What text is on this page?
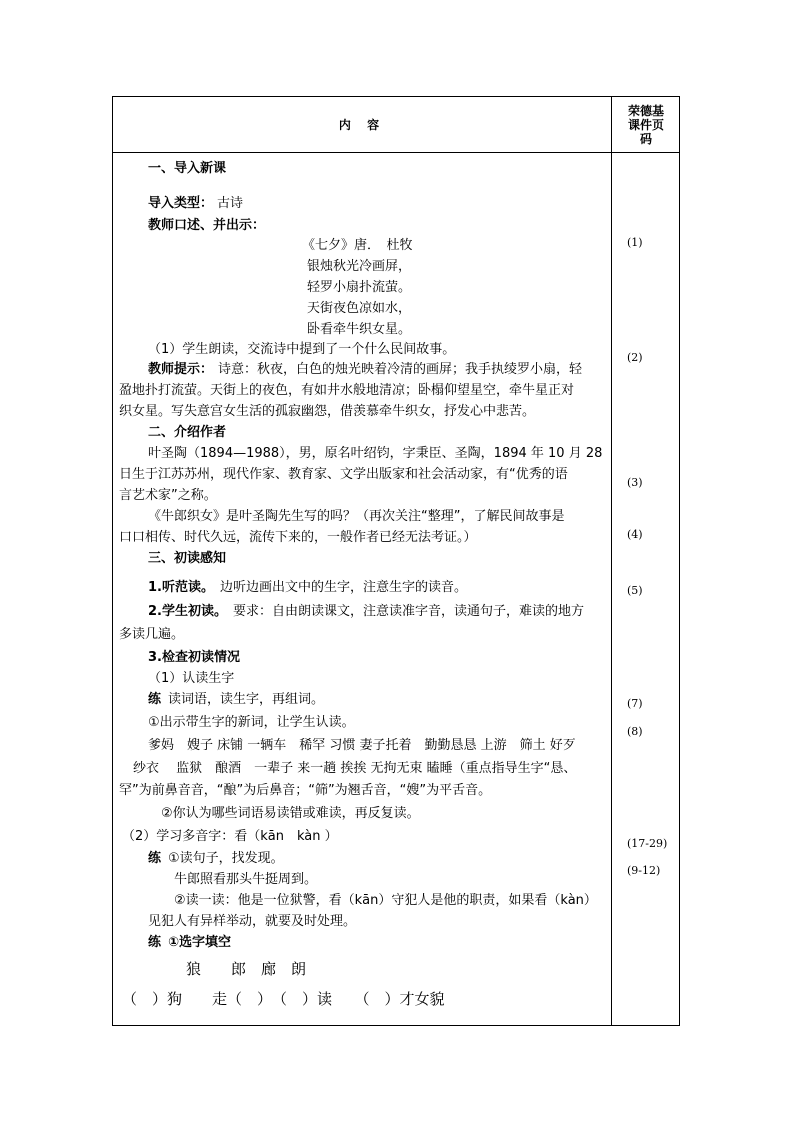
内 容
荣德基课件页码
一、导入新课
导入类型： 古诗
教师口述、并出示：
《七夕》唐．　杜牧
银烛秋光冷画屏，
轻罗小扇扑流萤。
天街夜色凉如水，
卧看牵牛织女星。
（1）学生朗读，交流诗中提到了一个什么民间故事。
教师提示： 诗意：秋夜，白色的烛光映着冷清的画屏；我手执绫罗小扇，轻
盈地扑打流萤。天街上的夜色，有如井水般地清凉；卧榻仰望星空，牵牛星正对
织女星。写失意宫女生活的孤寂幽怨，借羡慕牵牛织女，抒发心中悲苦。
二、介绍作者
叶圣陶（1894—1988），男，原名叶绍钧，字秉臣、圣陶，1894 年 10 月 28
日生于江苏苏州，现代作家、教育家、文学出版家和社会活动家，有“优秀的语
言艺术家”之称。
《牛郎织女》是叶圣陶先生写的吗？（再次关注“整理”，了解民间故事是
口口相传、时代久远，流传下来的，一般作者已经无法考证。）
三、初读感知
1.听范读。 边听边画出文中的生字，注意生字的读音。
2.学生初读。 要求：自由朗读课文，注意读准字音，读通句子，难读的地方
多读几遍。
3.检查初读情况
（1）认读生字
练 读词语，读生字，再组词。
①出示带生字的新词，让学生认读。
爹妈　嫂子 床铺 一辆车　稀罕 习惯 妻子托着　勤勤恳恳 上游　筛土 好歹
纱衣　 监狱　酿酒　一辈子 来一趟 挨挨 无拘无束 瞌睡（重点指导生字“恳、
罕”为前鼻音音，“酿”为后鼻音；“筛”为翘舌音，“嫂”为平舌音。
②你认为哪些词语易读错或难读，再反复读。
（2）学习多音字：看（kān　kàn ）
练 ①读句子，找发现。
牛郎照看那头牛挺周到。
②读一读：他是一位狱警，看（kān）守犯人是他的职责，如果看（kàn）
见犯人有异样举动，就要及时处理。
练 ①选字填空
狼　　郎　廊　朗
（　）狗　　走（　）　（　）读　　（　）才女貌
(1)
(2)
(3)
(4)
(5)
(7)
(8)
(17-29)
(9-12)
